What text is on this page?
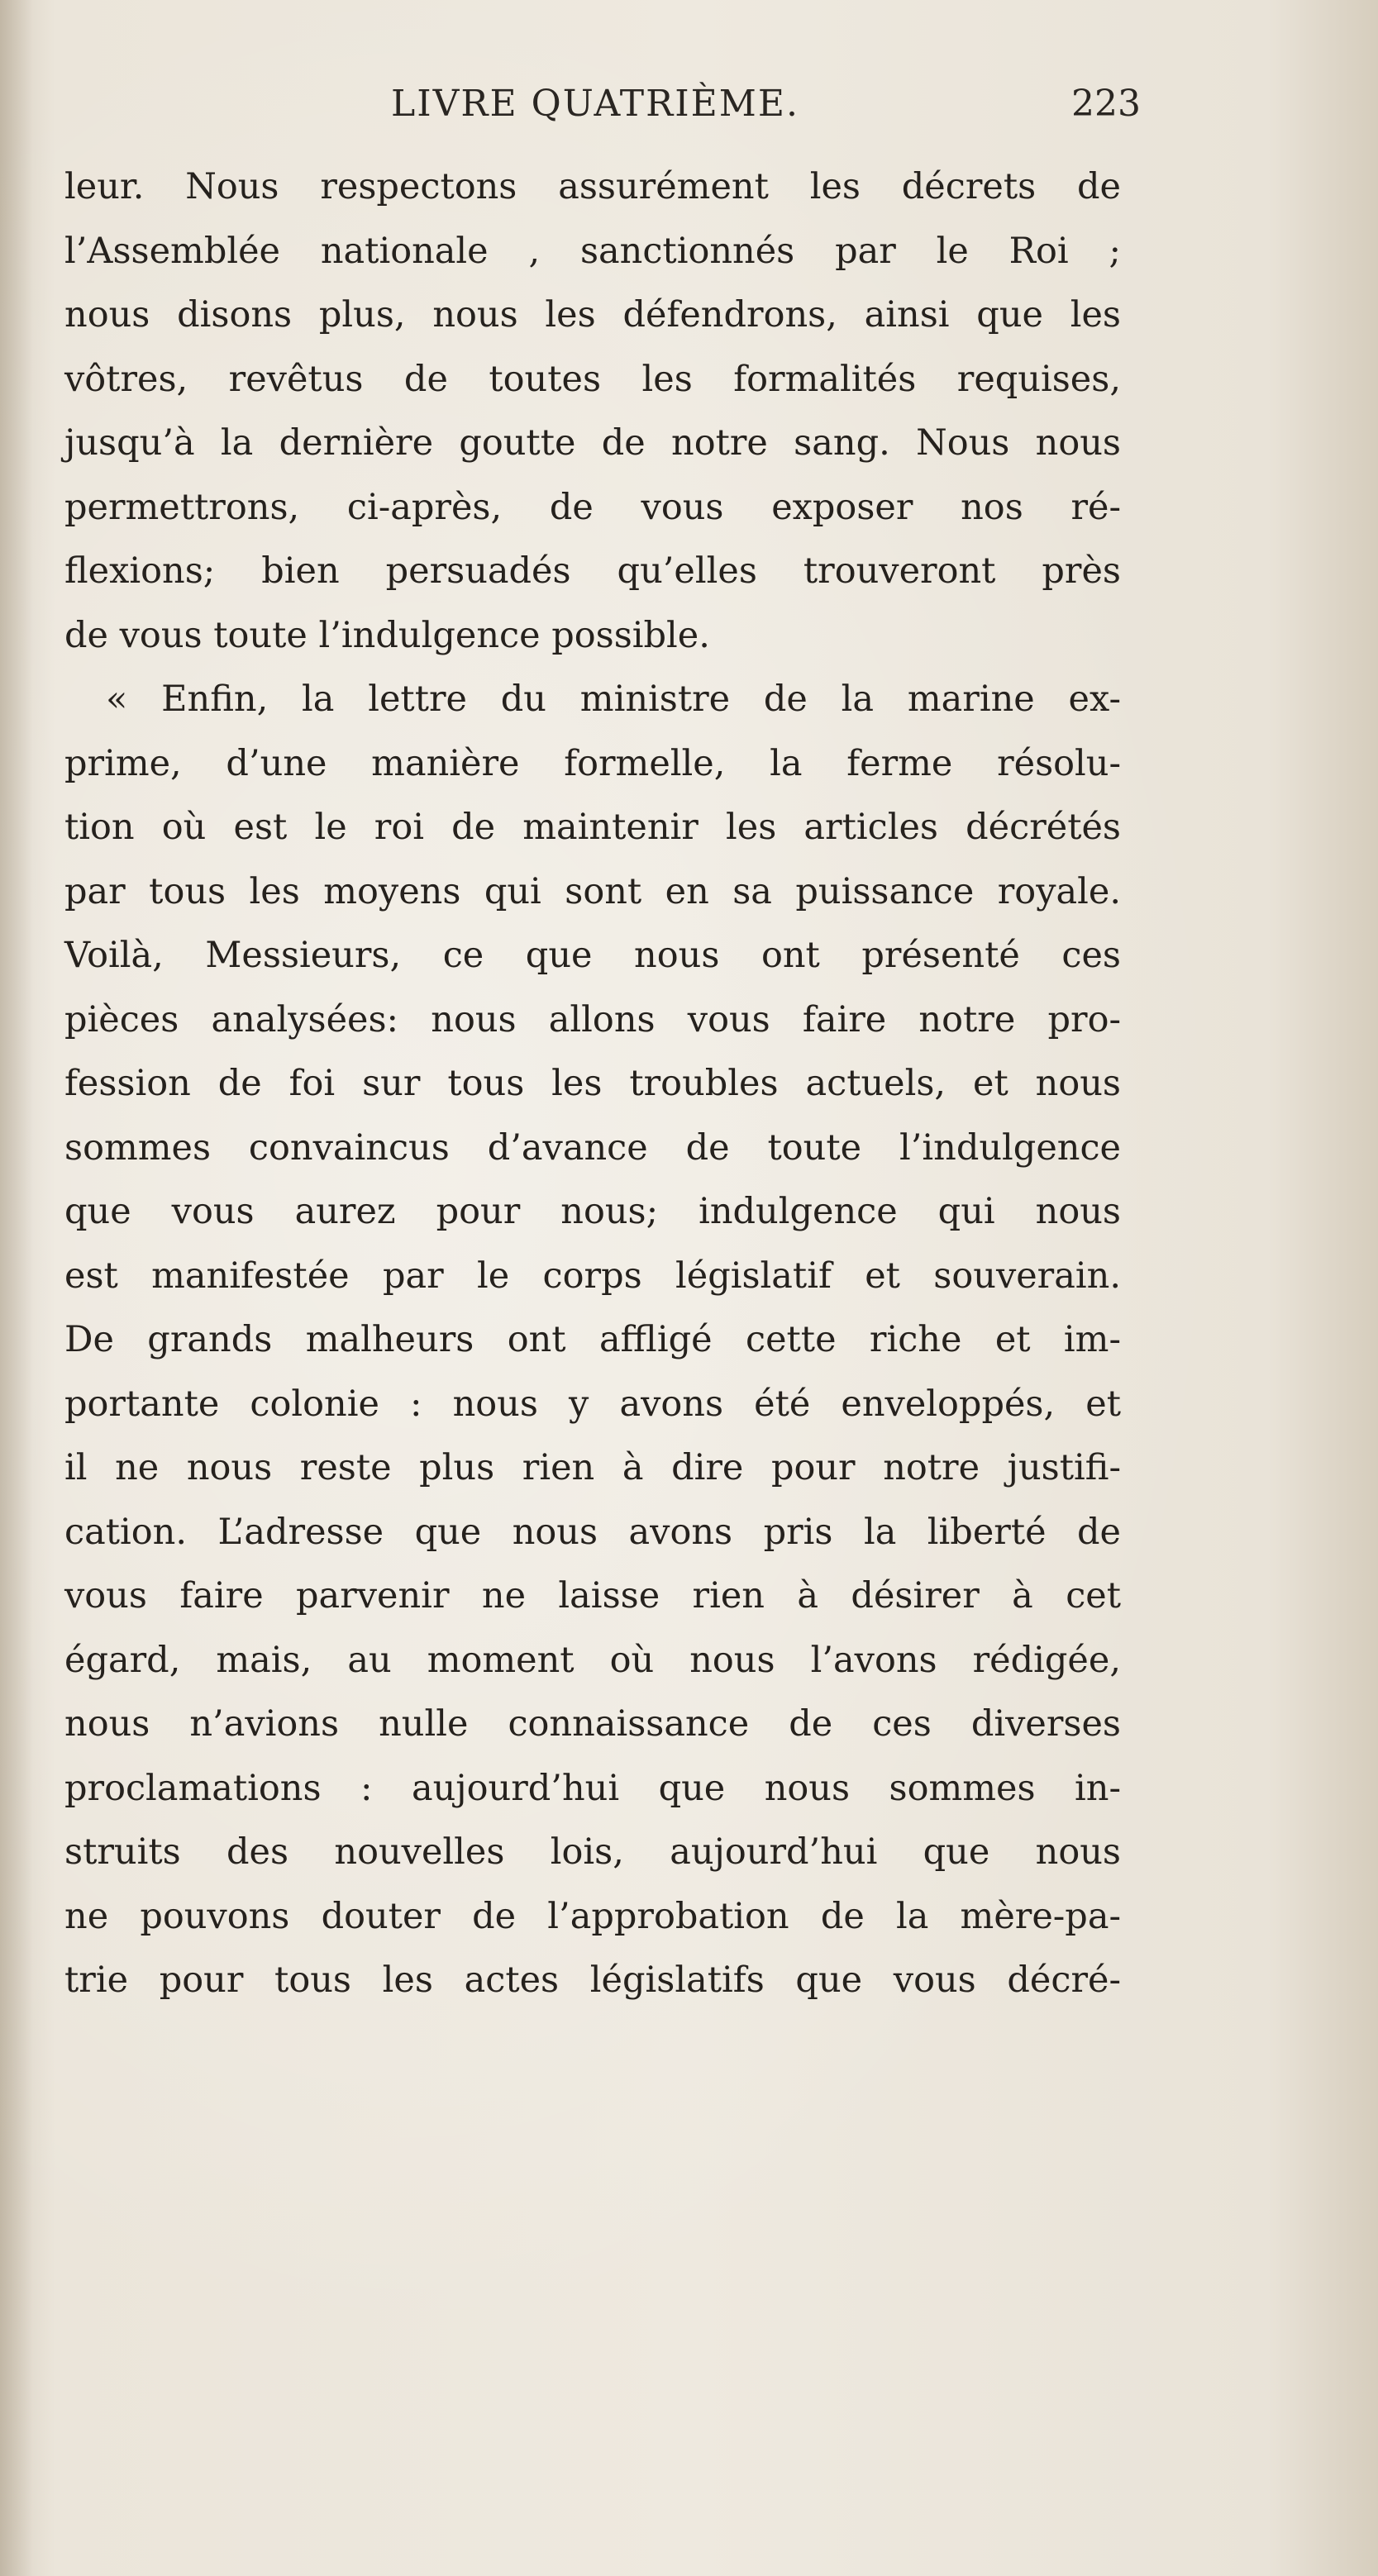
LIVRE QUATRIÈME.	223
leur. Nous respectons assurément les décrets de
l’Assemblée nationale , sanctionnés par le Roi ;
nous disons plus, nous les défendrons, ainsi que les
vôtres, revêtus de toutes les formalités requises,
jusqu’à la dernière goutte de notre sang. Nous nous
permettrons, ci-après, de vous exposer nos ré-
flexions; bien persuadés qu’elles trouveront près
de vous toute l’indulgence possible.
« Enfin, la lettre du ministre de la marine ex-
prime, d’une manière formelle, la ferme résolu-
tion où est le roi de maintenir les articles décrétés
par tous les moyens qui sont en sa puissance royale.
Voilà, Messieurs, ce que nous ont présenté ces
pièces analysées: nous allons vous faire notre pro-
fession de foi sur tous les troubles actuels, et nous
sommes convaincus d’avance de toute l’indulgence
que vous aurez pour nous; indulgence qui nous
est manifestée par le corps législatif et souverain.
De grands malheurs ont affligé cette riche et im-
portante colonie : nous y avons été enveloppés, et
il ne nous reste plus rien à dire pour notre justifi-
cation. L’adresse que nous avons pris la liberté de
vous faire parvenir ne laisse rien à désirer à cet
égard, mais, au moment où nous l’avons rédigée,
nous n’avions nulle connaissance de ces diverses
proclamations : aujourd’hui que nous sommes in-
struits des nouvelles lois, aujourd’hui que nous
ne pouvons douter de l’approbation de la mère-pa-
trie pour tous les actes législatifs que vous décré-
